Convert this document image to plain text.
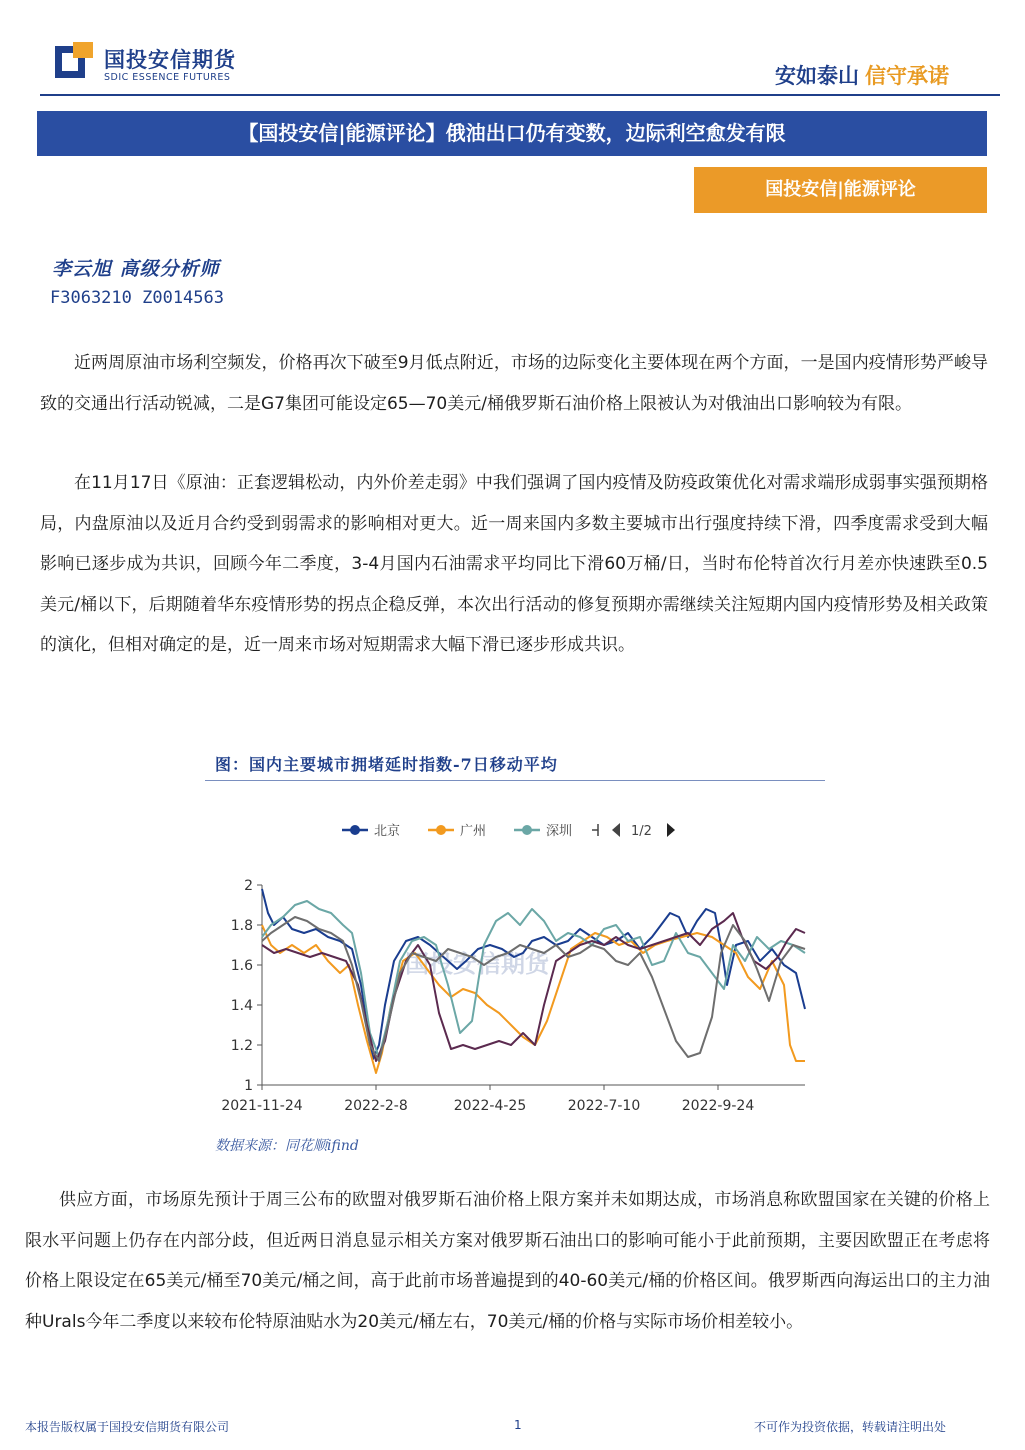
国投安信期货
SDIC ESSENCE FUTURES	安如泰山 信守承诺
【国投安信|能源评论】俄油出口仍有变数，边际利空愈发有限
国投安信|能源评论
李云旭 高级分析师
F3063210 Z0014563

近两周原油市场利空频发，价格再次下破至9月低点附近，市场的边际变化主要体现在两个方面，一是国内疫情形势严峻导致的交通出行活动锐减，二是G7集团可能设定65—70美元/桶俄罗斯石油价格上限被认为对俄油出口影响较为有限。

在11月17日《原油：正套逻辑松动，内外价差走弱》中我们强调了国内疫情及防疫政策优化对需求端形成弱事实强预期格局，内盘原油以及近月合约受到弱需求的影响相对更大。近一周来国内多数主要城市出行强度持续下滑，四季度需求受到大幅影响已逐步成为共识，回顾今年二季度，3-4月国内石油需求平均同比下滑60万桶/日，当时布伦特首次行月差亦快速跌至0.5美元/桶以下，后期随着华东疫情形势的拐点企稳反弹，本次出行活动的修复预期亦需继续关注短期内国内疫情形势及相关政策的演化，但相对确定的是，近一周来市场对短期需求大幅下滑已逐步形成共识。

图：国内主要城市拥堵延时指数-7日移动平均
北京	广州	深圳	1/2
国投安信期货
1
1.2
1.4
1.6
1.8
2
2021-11-24	2022-2-8	2022-4-25	2022-7-10	2022-9-24
数据来源：同花顺ifind

供应方面，市场原先预计于周三公布的欧盟对俄罗斯石油价格上限方案并未如期达成，市场消息称欧盟国家在关键的价格上限水平问题上仍存在内部分歧，但近两日消息显示相关方案对俄罗斯石油出口的影响可能小于此前预期，主要因欧盟正在考虑将价格上限设定在65美元/桶至70美元/桶之间，高于此前市场普遍提到的40-60美元/桶的价格区间。俄罗斯西向海运出口的主力油种Urals今年二季度以来较布伦特原油贴水为20美元/桶左右，70美元/桶的价格与实际市场价相差较小。

本报告版权属于国投安信期货有限公司	1	不可作为投资依据，转载请注明出处
